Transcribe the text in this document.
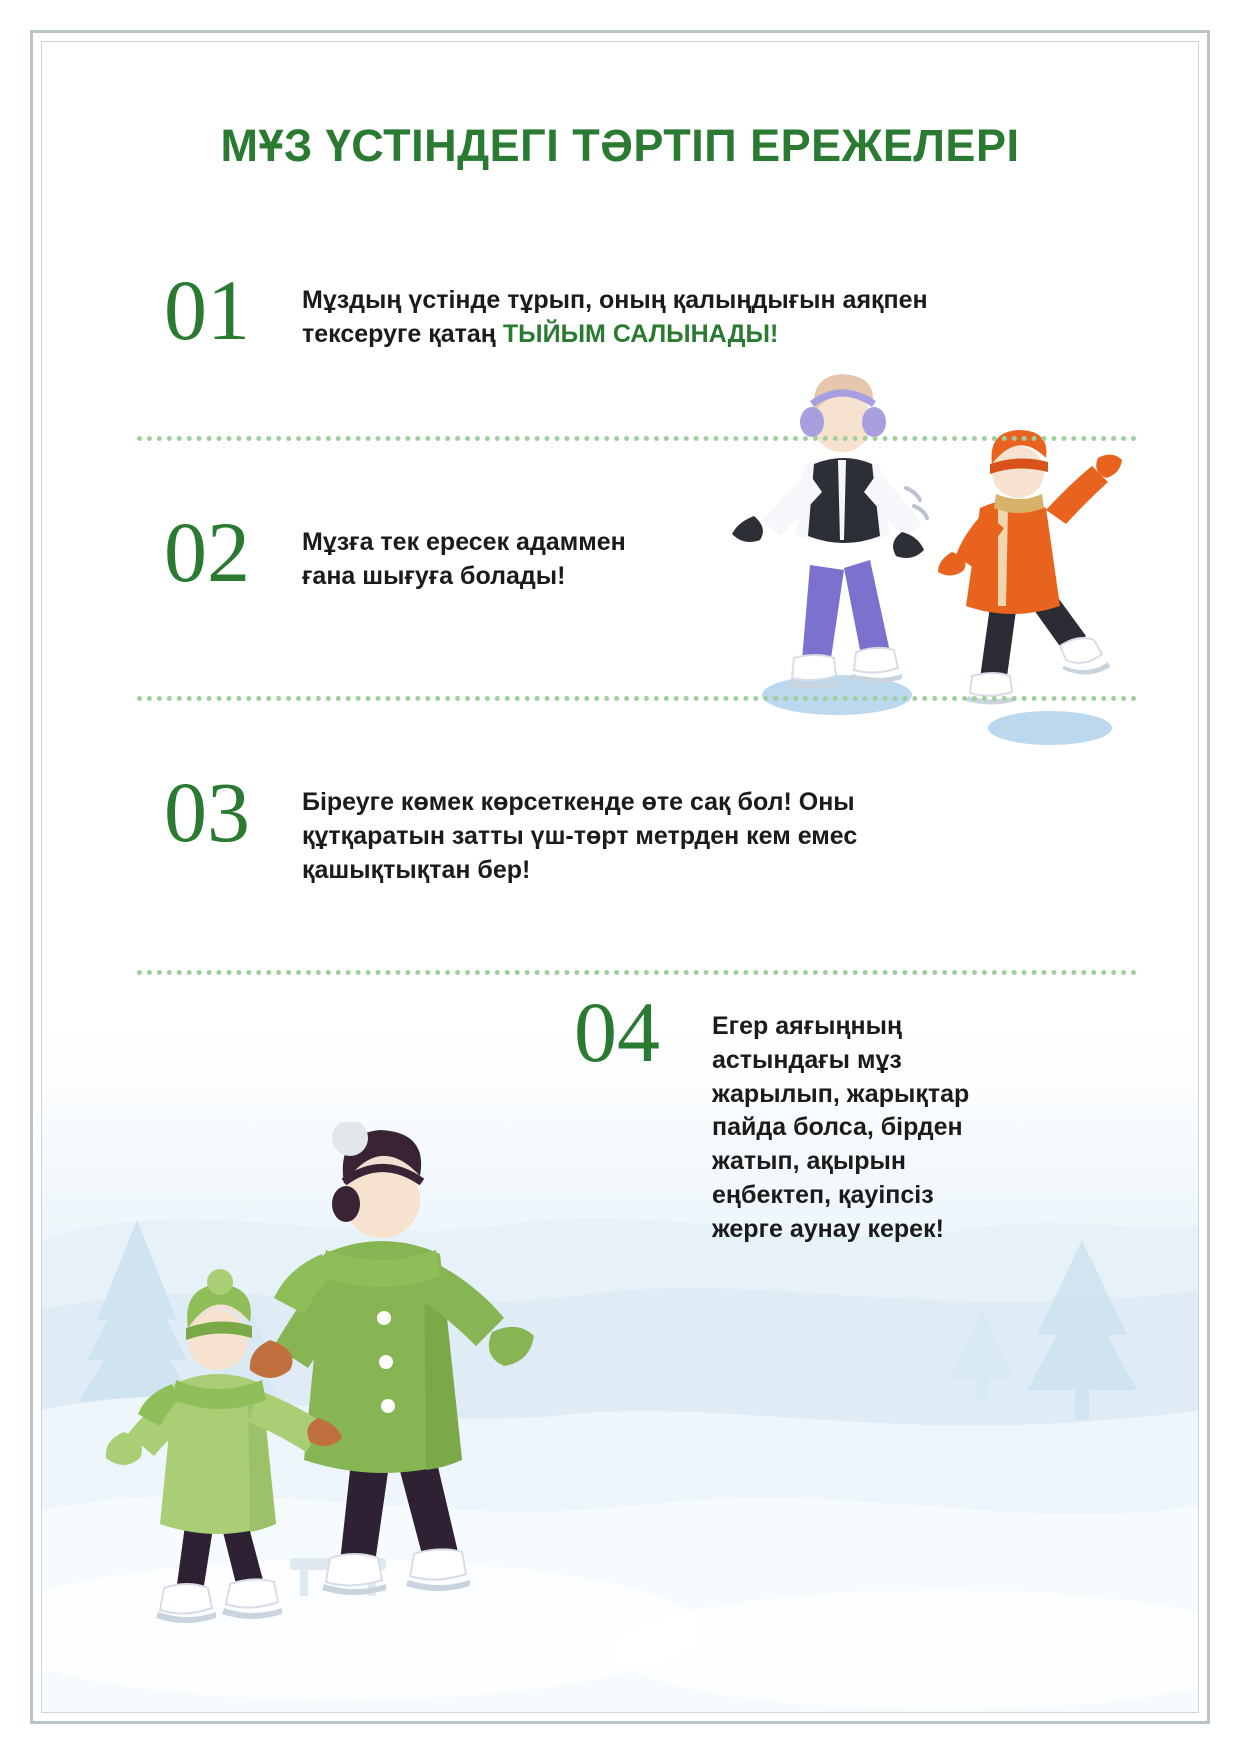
МҰЗ ҮСТІНДЕГІ ТӘРТІП ЕРЕЖЕЛЕРІ
01	Мұздың үстінде тұрып, оның қалыңдығын аяқпен тексеруге қатаң ТЫЙЫМ САЛЫНАДЫ!
02	Мұзға тек ересек адаммен ғана шығуға болады!
03	Біреуге көмек көрсеткенде өте сақ бол! Оны құтқаратын затты үш-төрт метрден кем емес қашықтықтан бер!
04	Егер аяғыңның астындағы мұз жарылып, жарықтар пайда болса, бірден жатып, ақырын еңбектеп, қауіпсіз жерге аунау керек!
